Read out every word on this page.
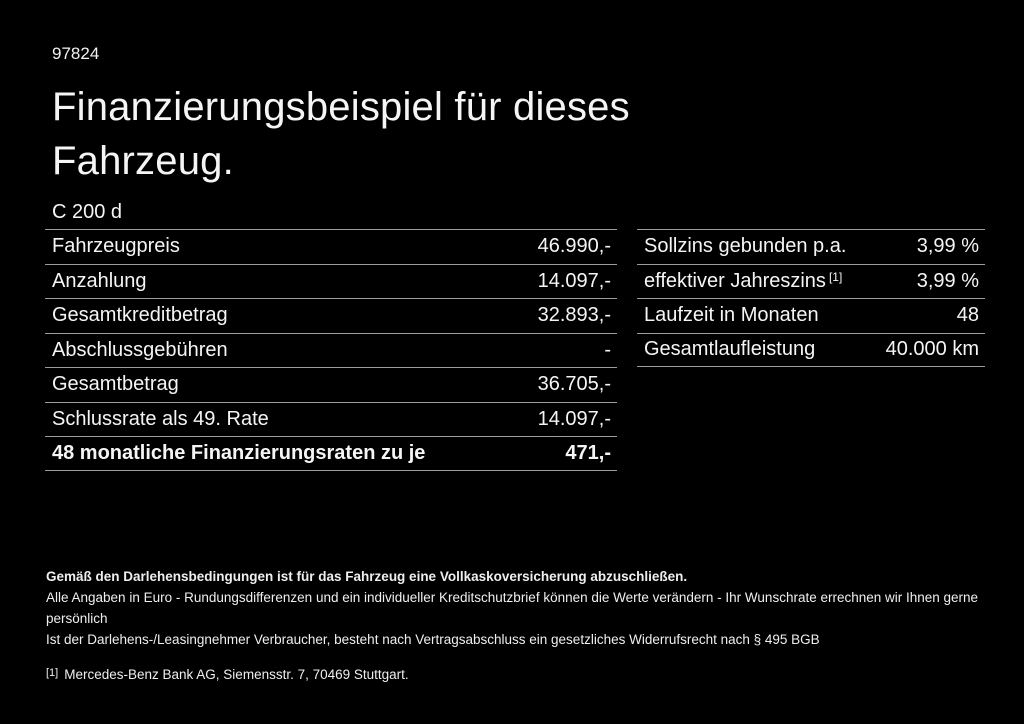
97824
Finanzierungsbeispiel für dieses
Fahrzeug.
C 200 d
Fahrzeugpreis	46.990,-
Anzahlung	14.097,-
Gesamtkreditbetrag	32.893,-
Abschlussgebühren	-
Gesamtbetrag	36.705,-
Schlussrate als 49. Rate	14.097,-
48 monatliche Finanzierungsraten zu je	471,-
Sollzins gebunden p.a.	3,99 %
effektiver Jahreszins [1]	3,99 %
Laufzeit in Monaten	48
Gesamtlaufleistung	40.000 km
Gemäß den Darlehensbedingungen ist für das Fahrzeug eine Vollkaskoversicherung abzuschließen.
Alle Angaben in Euro - Rundungsdifferenzen und ein individueller Kreditschutzbrief können die Werte verändern - Ihr Wunschrate errechnen wir Ihnen gerne persönlich
Ist der Darlehens-/Leasingnehmer Verbraucher, besteht nach Vertragsabschluss ein gesetzliches Widerrufsrecht nach § 495 BGB
[1] Mercedes-Benz Bank AG, Siemensstr. 7, 70469 Stuttgart.
